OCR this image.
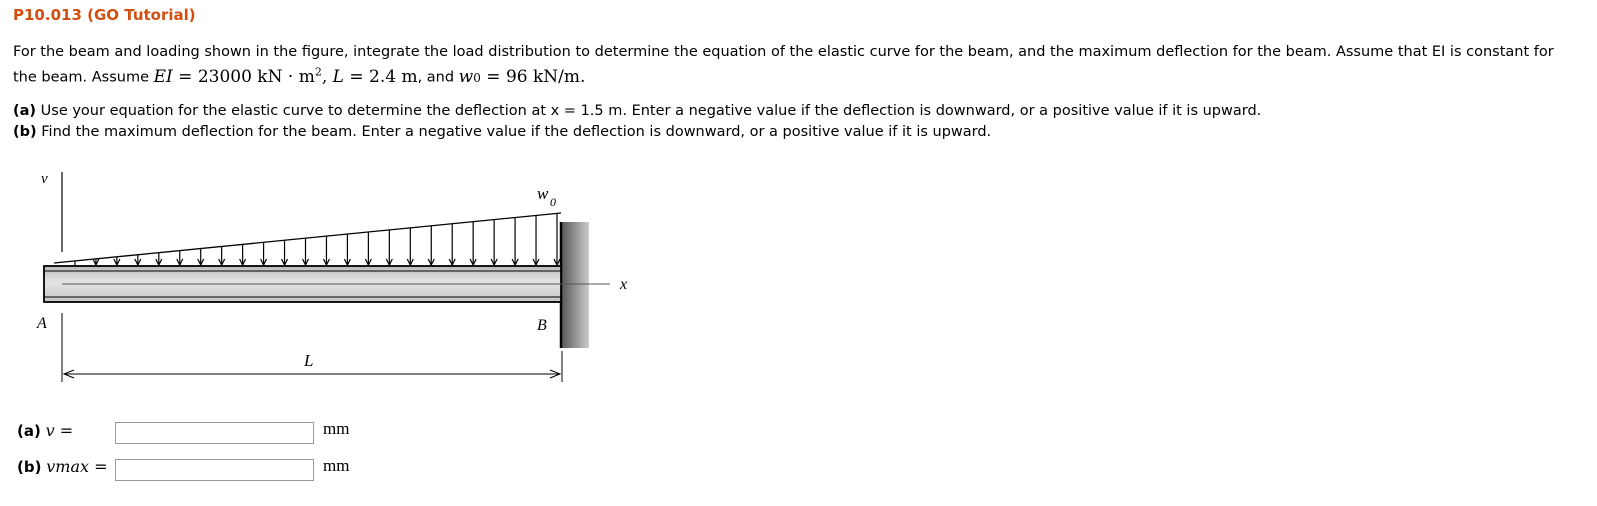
P10.013 (GO Tutorial)
For the beam and loading shown in the figure, integrate the load distribution to determine the equation of the elastic curve for the beam, and the maximum deflection for the beam. Assume that EI is constant for
the beam. Assume EI = 23000 kN · $m^2$, L = 2.4 m, and w0 = 96 kN/m.
(a) Use your equation for the elastic curve to determine the deflection at x = 1.5 m. Enter a negative value if the deflection is downward, or a positive value if it is upward.
(b) Find the maximum deflection for the beam. Enter a negative value if the deflection is downward, or a positive value if it is upward.
v
w 0
x
A	B
L
(a) v =	mm
(b) vmax =	mm
